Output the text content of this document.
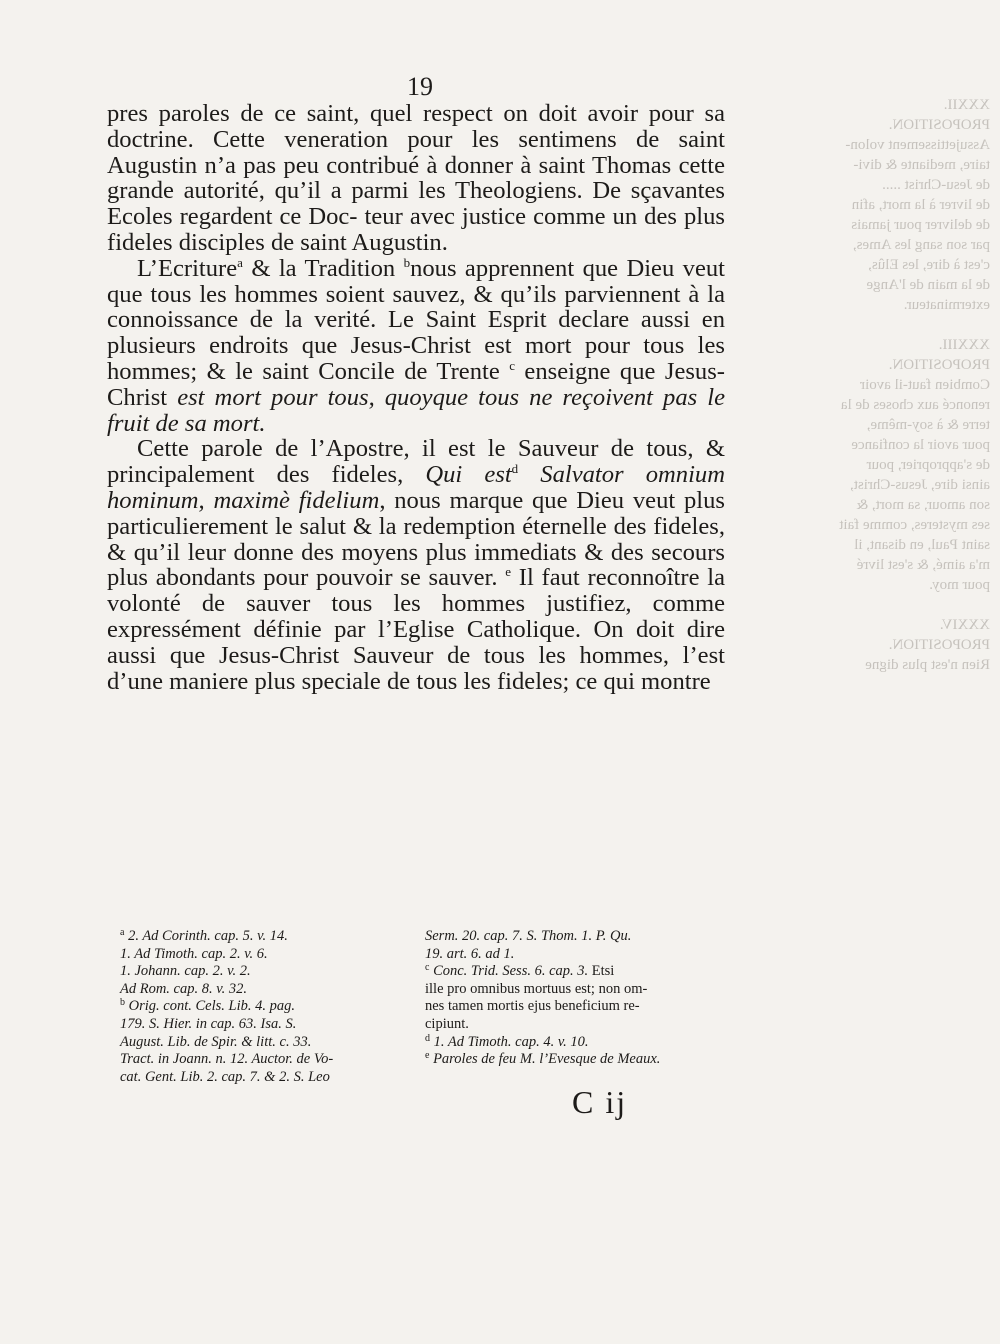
XXXII.
PROPOSITION.
Assujettissement volon-
taire, mediante & divi-
de Jesu-Christ .....
de livrer à la mort, afin
de delivrer pour jamais
par son sang les Ames,
c'est à dire, les Elûs,
de la main de l'Ange
exterminateur.

XXXIII.
PROPOSITION.
Combien faut-il avoir
renoncé aux choses de la
terre & à soy-même,
pour avoir la confiance
de s'approprier, pour
ainsi dire, Jesus-Christ,
son amour, sa mort, &
ses mysteres, comme fait
saint Paul, en disant, il
m'a aimé, & s'est livré
pour moy.

XXXIV.
PROPOSITION.
Rien n'est plus digne
19

pres paroles de ce saint, quel respect on doit avoir pour sa doctrine. Cette veneration pour les sentimens de saint Augustin n’a pas peu contribué à donner à saint Thomas cette grande autorité, qu’il a parmi les Theologiens. De sçavantes Ecoles regardent ce Doc- teur avec justice comme un des plus fideles disciples de saint Augustin.

L’Ecriture$^a$ & la Tradition $^b$nous apprennent que Dieu veut que tous les hommes soient sauvez, & qu’ils parviennent à la connoissance de la verité. Le Saint Esprit declare aussi en plusieurs endroits que Jesus-Christ est mort pour tous les hommes; & le saint Concile de Trente $^c$ enseigne que Jesus-Christ est mort pour tous, quoyque tous ne reçoivent pas le fruit de sa mort.

Cette parole de l’Apostre, il est le Sauveur de tous, & principalement des fideles, Qui est$^d$ Salvator omnium hominum, maximè fidelium, nous marque que Dieu veut plus particulierement le salut & la redemption éternelle des fideles, & qu’il leur donne des moyens plus immediats & des secours plus abondants pour pouvoir se sauver. $^e$ Il faut reconnoître la volonté de sauver tous les hommes justifiez, comme expressément définie par l’Eglise Catholique. On doit dire aussi que Jesus-Christ Sauveur de tous les hommes, l’est d’une maniere plus speciale de tous les fideles; ce qui montre

$^a$ 2. Ad Corinth. cap. 5. v. 14.
1. Ad Timoth. cap. 2. v. 6.
1. Johann. cap. 2. v. 2.
Ad Rom. cap. 8. v. 32.
$^b$ Orig. cont. Cels. Lib. 4. pag.
179. S. Hier. in cap. 63. Isa. S.
August. Lib. de Spir. & litt. c. 33.
Tract. in Joann. n. 12. Auctor. de Vo-
cat. Gent. Lib. 2. cap. 7. & 2. S. Leo
Serm. 20. cap. 7. S. Thom. 1. P. Qu.
19. art. 6. ad 1.
$^c$ Conc. Trid. Sess. 6. cap. 3. Etsi
ille pro omnibus mortuus est; non om-
nes tamen mortis ejus beneficium re-
cipiunt.
$^d$ 1. Ad Timoth. cap. 4. v. 10.
$^e$ Paroles de feu M. l’Evesque de Meaux.
C ij
